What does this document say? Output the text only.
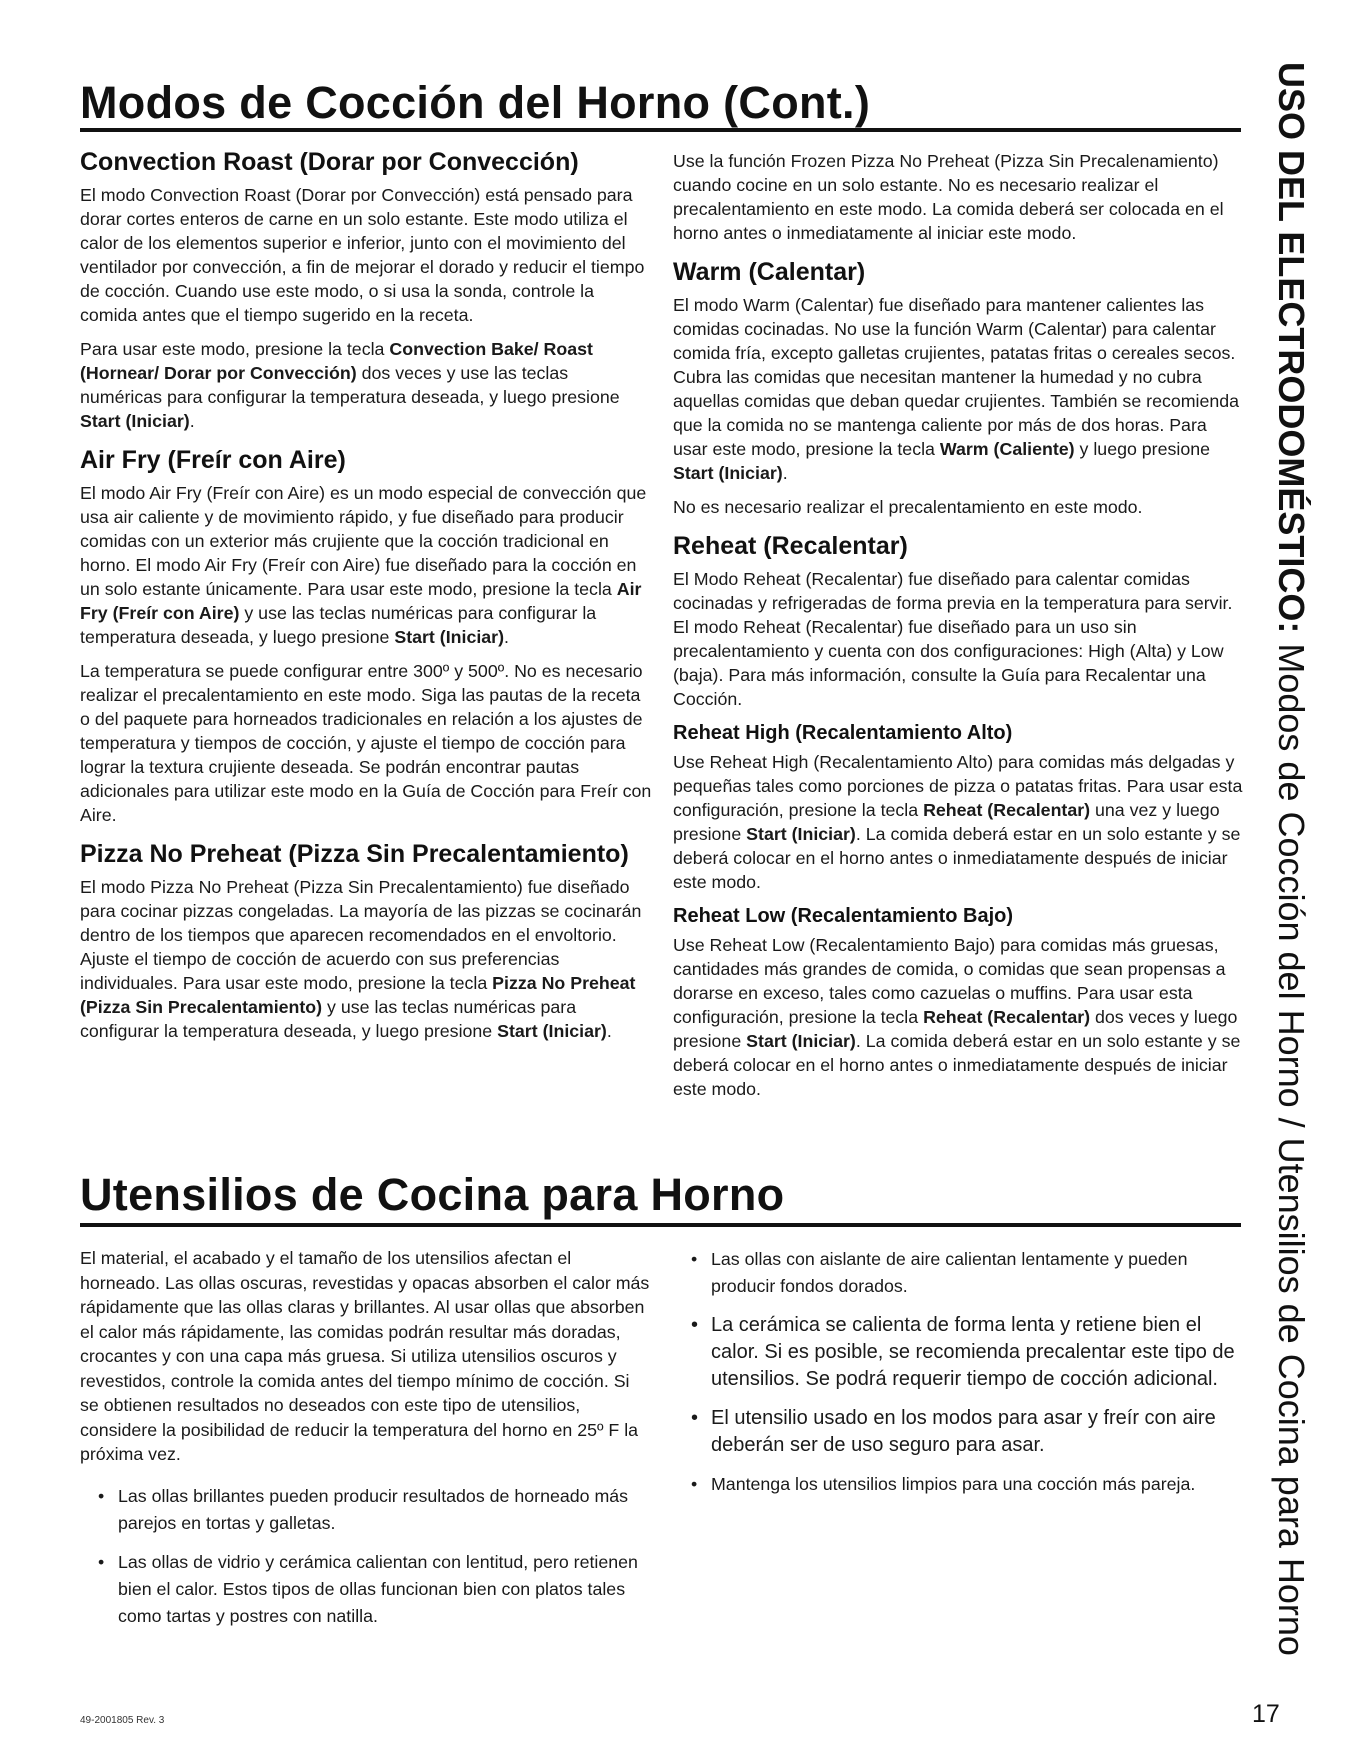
Modos de Cocción del Horno (Cont.)
Convection Roast (Dorar por Convección)

El modo Convection Roast (Dorar por Convección) está pensado para dorar cortes enteros de carne en un solo estante. Este modo utiliza el calor de los elementos superior e inferior, junto con el movimiento del ventilador por convección, a fin de mejorar el dorado y reducir el tiempo de cocción. Cuando use este modo, o si usa la sonda, controle la comida antes que el tiempo sugerido en la receta.

Para usar este modo, presione la tecla Convection Bake/ Roast (Hornear/ Dorar por Convección) dos veces y use las teclas numéricas para configurar la temperatura deseada, y luego presione Start (Iniciar).

Air Fry (Freír con Aire)

El modo Air Fry (Freír con Aire) es un modo especial de convección que usa air caliente y de movimiento rápido, y fue diseñado para producir comidas con un exterior más crujiente que la cocción tradicional en horno. El modo Air Fry (Freír con Aire) fue diseñado para la cocción en un solo estante únicamente. Para usar este modo, presione la tecla Air Fry (Freír con Aire) y use las teclas numéricas para configurar la temperatura deseada, y luego presione Start (Iniciar).

La temperatura se puede configurar entre 300º y 500º. No es necesario realizar el precalentamiento en este modo. Siga las pautas de la receta o del paquete para horneados tradicionales en relación a los ajustes de temperatura y tiempos de cocción, y ajuste el tiempo de cocción para lograr la textura crujiente deseada. Se podrán encontrar pautas adicionales para utilizar este modo en la Guía de Cocción para Freír con Aire.

Pizza No Preheat (Pizza Sin Precalentamiento)

El modo Pizza No Preheat (Pizza Sin Precalentamiento) fue diseñado para cocinar pizzas congeladas. La mayoría de las pizzas se cocinarán dentro de los tiempos que aparecen recomendados en el envoltorio. Ajuste el tiempo de cocción de acuerdo con sus preferencias individuales. Para usar este modo, presione la tecla Pizza No Preheat (Pizza Sin Precalentamiento) y use las teclas numéricas para configurar la temperatura deseada, y luego presione Start (Iniciar).

Use la función Frozen Pizza No Preheat (Pizza Sin Precalenamiento) cuando cocine en un solo estante. No es necesario realizar el precalentamiento en este modo. La comida deberá ser colocada en el horno antes o inmediatamente al iniciar este modo.

Warm (Calentar)

El modo Warm (Calentar) fue diseñado para mantener calientes las comidas cocinadas. No use la función Warm (Calentar) para calentar comida fría, excepto galletas crujientes, patatas fritas o cereales secos. Cubra las comidas que necesitan mantener la humedad y no cubra aquellas comidas que deban quedar crujientes. También se recomienda que la comida no se mantenga caliente por más de dos horas. Para usar este modo, presione la tecla Warm (Caliente) y luego presione Start (Iniciar).

No es necesario realizar el precalentamiento en este modo.

Reheat (Recalentar)

El Modo Reheat (Recalentar) fue diseñado para calentar comidas cocinadas y refrigeradas de forma previa en la temperatura para servir. El modo Reheat (Recalentar) fue diseñado para un uso sin precalentamiento y cuenta con dos configuraciones: High (Alta) y Low (baja). Para más información, consulte la Guía para Recalentar una Cocción.

Reheat High (Recalentamiento Alto)

Use Reheat High (Recalentamiento Alto) para comidas más delgadas y pequeñas tales como porciones de pizza o patatas fritas. Para usar esta configuración, presione la tecla Reheat (Recalentar) una vez y luego presione Start (Iniciar). La comida deberá estar en un solo estante y se deberá colocar en el horno antes o inmediatamente después de iniciar este modo.

Reheat Low (Recalentamiento Bajo)

Use Reheat Low (Recalentamiento Bajo) para comidas más gruesas, cantidades más grandes de comida, o comidas que sean propensas a dorarse en exceso, tales como cazuelas o muffins. Para usar esta configuración, presione la tecla Reheat (Recalentar) dos veces y luego presione Start (Iniciar). La comida deberá estar en un solo estante y se deberá colocar en el horno antes o inmediatamente después de iniciar este modo.

Utensilios de Cocina para Horno

El material, el acabado y el tamaño de los utensilios afectan el horneado. Las ollas oscuras, revestidas y opacas absorben el calor más rápidamente que las ollas claras y brillantes. Al usar ollas que absorben el calor más rápidamente, las comidas podrán resultar más doradas, crocantes y con una capa más gruesa. Si utiliza utensilios oscuros y revestidos, controle la comida antes del tiempo mínimo de cocción. Si se obtienen resultados no deseados con este tipo de utensilios, considere la posibilidad de reducir la temperatura del horno en 25º F la próxima vez.

• Las ollas brillantes pueden producir resultados de horneado más parejos en tortas y galletas.
• Las ollas de vidrio y cerámica calientan con lentitud, pero retienen bien el calor. Estos tipos de ollas funcionan bien con platos tales como tartas y postres con natilla.
• Las ollas con aislante de aire calientan lentamente y pueden producir fondos dorados.
• La cerámica se calienta de forma lenta y retiene bien el calor. Si es posible, se recomienda precalentar este tipo de utensilios. Se podrá requerir tiempo de cocción adicional.
• El utensilio usado en los modos para asar y freír con aire deberán ser de uso seguro para asar.
• Mantenga los utensilios limpios para una cocción más pareja.
USO DEL ELECTRODOMÉSTICO: Modos de Cocción del Horno / Utensilios de Cocina para Horno
49-2001805 Rev. 3	17
